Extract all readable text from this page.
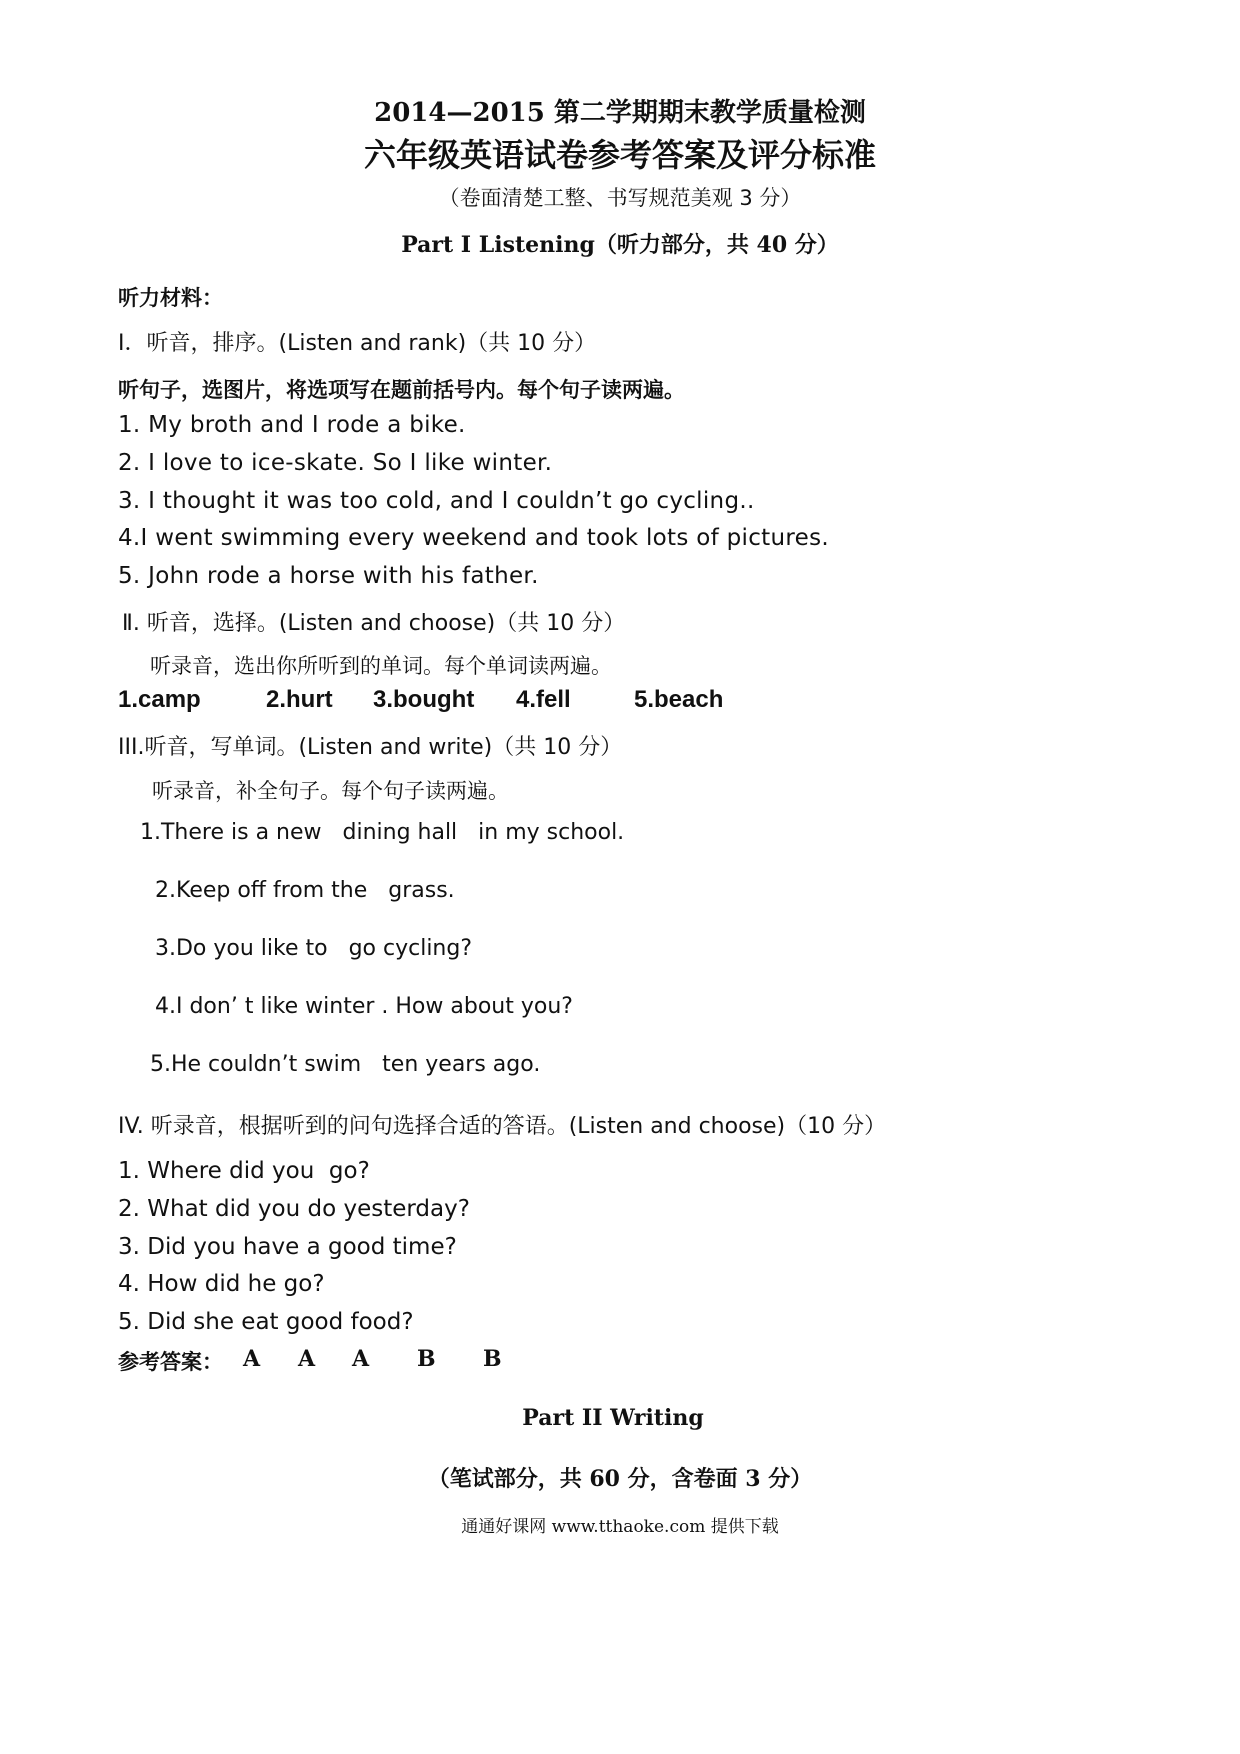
2014—2015 第二学期期末教学质量检测
六年级英语试卷参考答案及评分标准
（卷面清楚工整、书写规范美观 3 分）
Part Ⅰ Listening（听力部分，共 40 分）
听力材料：
Ⅰ．听音，排序。(Listen and rank)（共 10 分）
听句子，选图片，将选项写在题前括号内。每个句子读两遍。
1. My broth and I rode a bike.
2. I love to ice-skate. So I like winter.
3. I thought it was too cold, and I couldn’t go cycling..
4.I went swimming every weekend and took lots of pictures.
5. John rode a horse with his father.
Ⅱ. 听音，选择。(Listen and choose)（共 10 分）
听录音，选出你所听到的单词。每个单词读两遍。
1.camp	2.hurt 3.bought 4.fell	5.beach
III.听音，写单词。(Listen and write)（共 10 分）
听录音，补全句子。每个句子读两遍。
1.There is a new   dining hall   in my school.
2.Keep off from the   grass.
3.Do you like to   go cycling?
4.I don’ t like winter . How about you?
5.He couldn’t swim   ten years ago.
IV. 听录音，根据听到的问句选择合适的答语。(Listen and choose)（10 分）
1. Where did you  go?
2. What did you do yesterday?
3. Did you have a good time?
4. How did he go?
5. Did she eat good food?
参考答案： A A A B B
Part II Writing
（笔试部分，共 60 分，含卷面 3 分）
通通好课网 www.tthaoke.com 提供下载
